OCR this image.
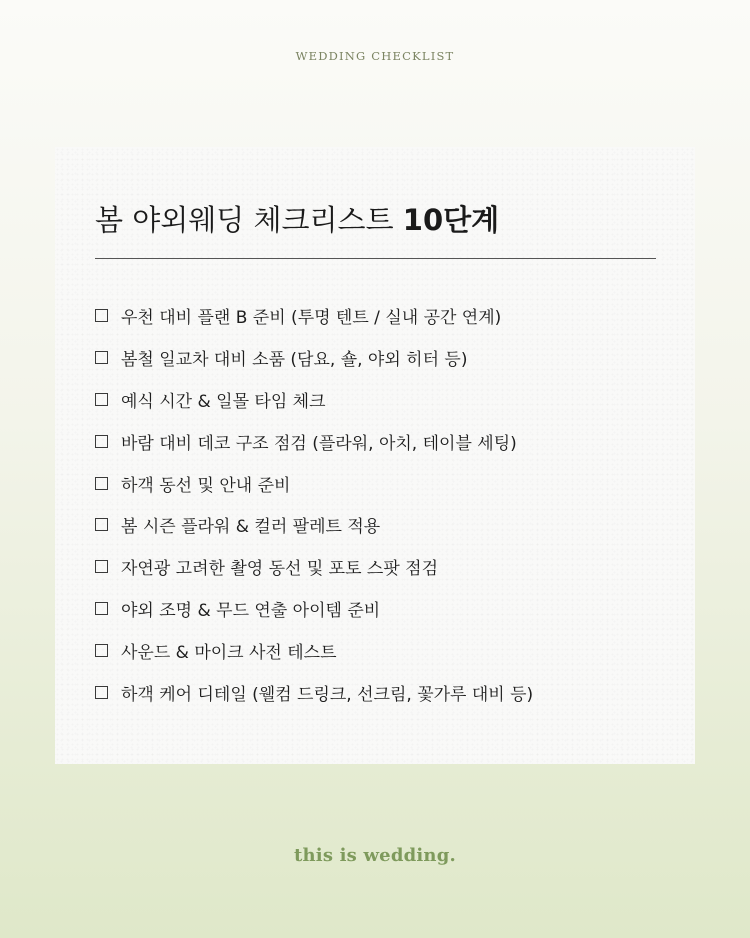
WEDDING CHECKLIST
봄 야외웨딩 체크리스트 10단계
우천 대비 플랜 B 준비 (투명 텐트 / 실내 공간 연계)
봄철 일교차 대비 소품 (담요, 숄, 야외 히터 등)
예식 시간 & 일몰 타임 체크
바람 대비 데코 구조 점검 (플라워, 아치, 테이블 세팅)
하객 동선 및 안내 준비
봄 시즌 플라워 & 컬러 팔레트 적용
자연광 고려한 촬영 동선 및 포토 스팟 점검
야외 조명 & 무드 연출 아이템 준비
사운드 & 마이크 사전 테스트
하객 케어 디테일 (웰컴 드링크, 선크림, 꽃가루 대비 등)
this is wedding.
